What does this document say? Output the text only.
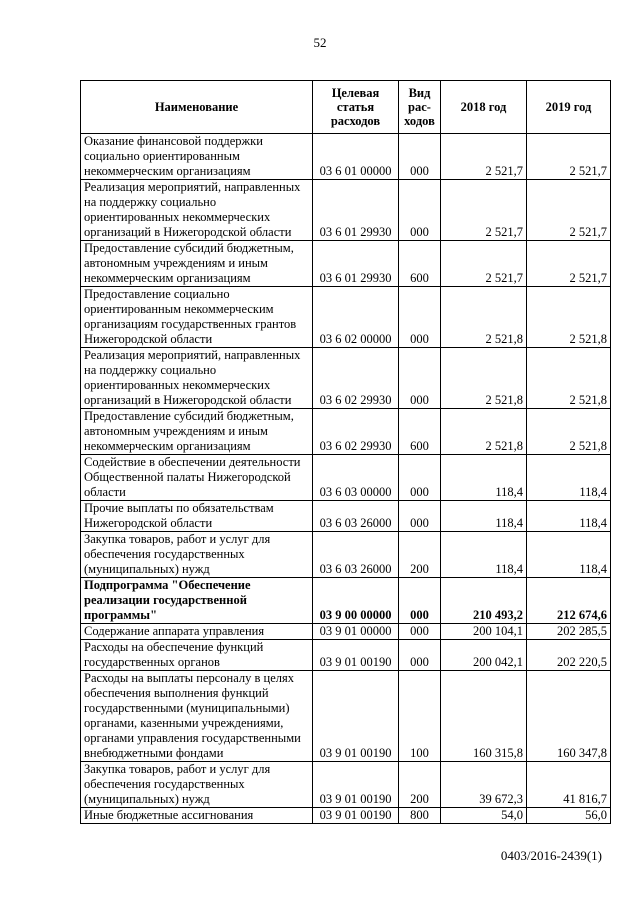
52
Наименование	Целевая статья расходов	Вид рас-ходов	2018 год	2019 год
Оказание финансовой поддержки социально ориентированным некоммерческим организациям	03 6 01 00000	000	2 521,7	2 521,7
Реализация мероприятий, направленных на поддержку социально ориентированных некоммерческих организаций в Нижегородской области	03 6 01 29930	000	2 521,7	2 521,7
Предоставление субсидий бюджетным, автономным учреждениям и иным некоммерческим организациям	03 6 01 29930	600	2 521,7	2 521,7
Предоставление социально ориентированным некоммерческим организациям государственных грантов Нижегородской области	03 6 02 00000	000	2 521,8	2 521,8
Реализация мероприятий, направленных на поддержку социально ориентированных некоммерческих организаций в Нижегородской области	03 6 02 29930	000	2 521,8	2 521,8
Предоставление субсидий бюджетным, автономным учреждениям и иным некоммерческим организациям	03 6 02 29930	600	2 521,8	2 521,8
Содействие в обеспечении деятельности Общественной палаты Нижегородской области	03 6 03 00000	000	118,4	118,4
Прочие выплаты по обязательствам Нижегородской области	03 6 03 26000	000	118,4	118,4
Закупка товаров, работ и услуг для обеспечения государственных (муниципальных) нужд	03 6 03 26000	200	118,4	118,4
Подпрограмма "Обеспечение реализации государственной программы"	03 9 00 00000	000	210 493,2	212 674,6
Содержание аппарата управления	03 9 01 00000	000	200 104,1	202 285,5
Расходы на обеспечение функций государственных органов	03 9 01 00190	000	200 042,1	202 220,5
Расходы на выплаты персоналу в целях обеспечения выполнения функций государственными (муниципальными) органами, казенными учреждениями, органами управления государственными внебюджетными фондами	03 9 01 00190	100	160 315,8	160 347,8
Закупка товаров, работ и услуг для обеспечения государственных (муниципальных) нужд	03 9 01 00190	200	39 672,3	41 816,7
Иные бюджетные ассигнования	03 9 01 00190	800	54,0	56,0
0403/2016-2439(1)
